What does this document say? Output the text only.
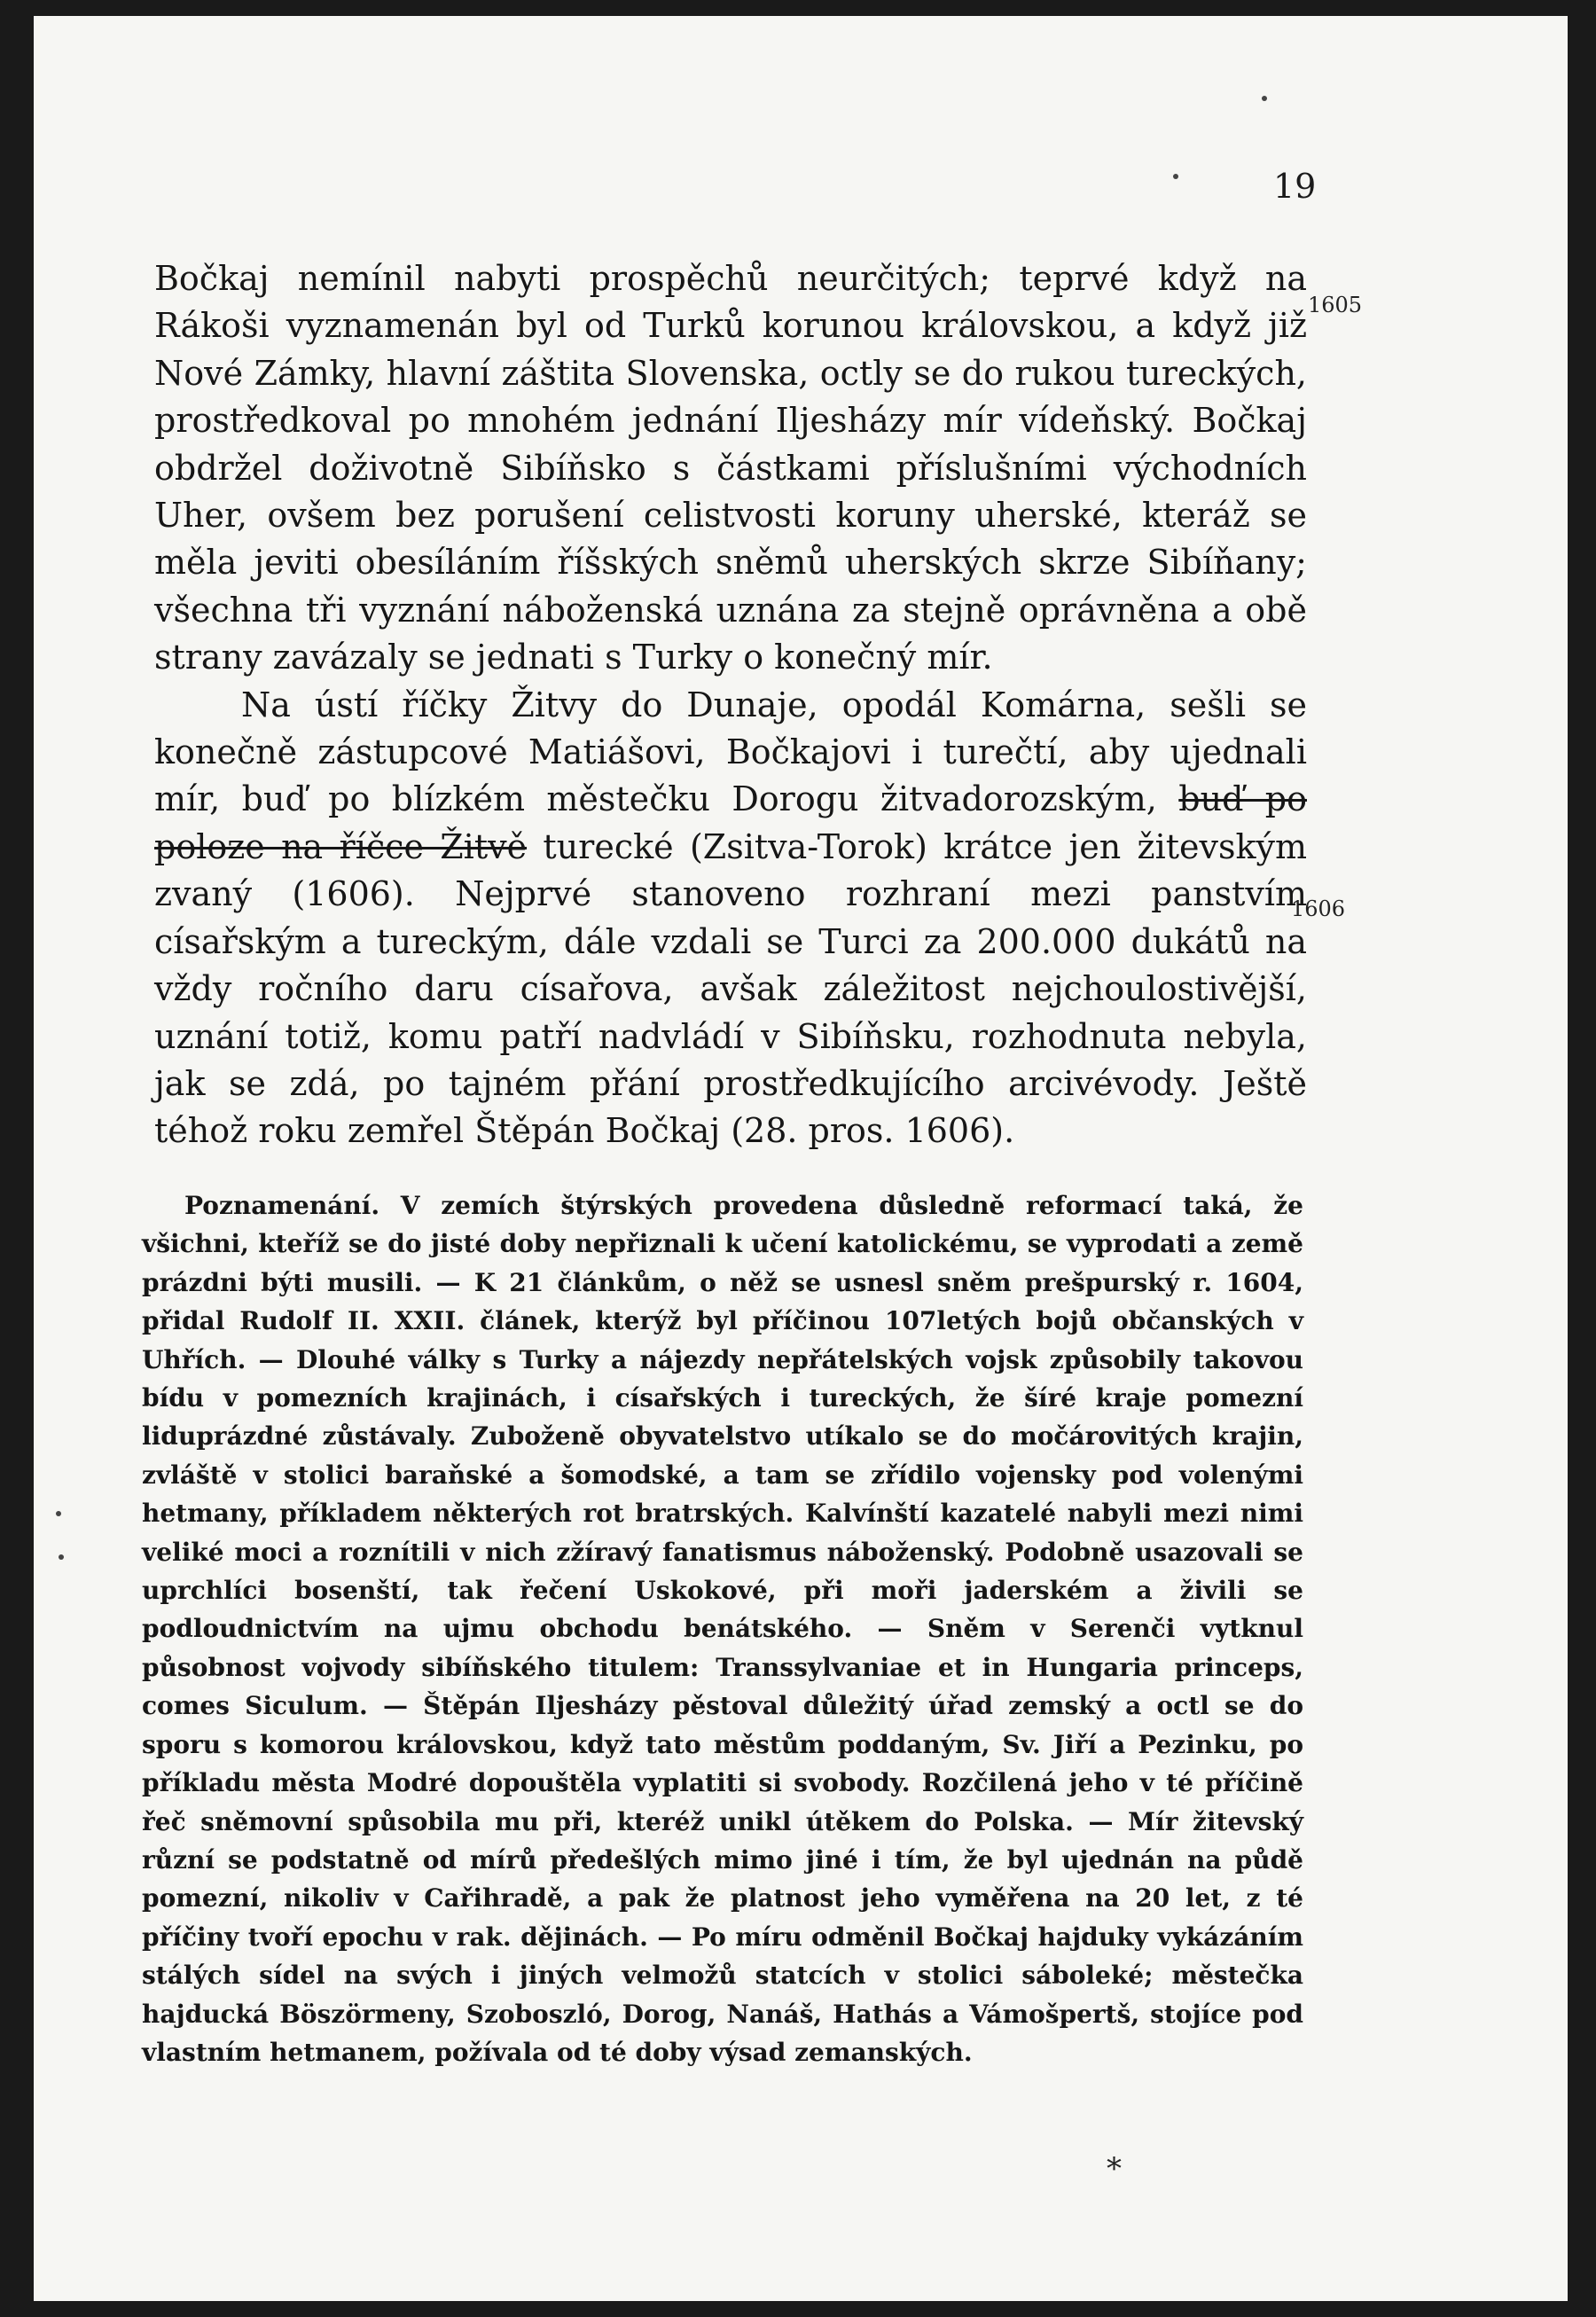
19
1605
1606

Bočkaj nemínil nabyti prospěchů neurčitých; teprvé když na Rákoši vyznamenán byl od Turků korunou královskou, a když již Nové Zámky, hlavní záštita Slovenska, octly se do rukou tureckých, prostředkoval po mnohém jednání Iljesházy mír vídeňský. Bočkaj obdržel doživotně Sibíňsko s částkami příslušními východních Uher, ovšem bez porušení celistvosti koruny uherské, kteráž se měla jeviti obesíláním říšských sněmů uherských skrze Sibíňany; všechna tři vyznání náboženská uznána za stejně oprávněna a obě strany zavázaly se jednati s Turky o konečný mír.

Na ústí říčky Žitvy do Dunaje, opodál Komárna, sešli se konečně zástupcové Matiášovi, Bočkajovi i turečtí, aby ujednali mír, buď po blízkém městečku Dorogu žitvadorozským, buď po poloze na říčce Žitvě turecké (Zsitva-Torok) krátce jen žitevským zvaný (1606). Nejprvé stanoveno rozhraní mezi panstvím císařským a tureckým, dále vzdali se Turci za 200.000 dukátů na vždy ročního daru císařova, avšak záležitost nejchoulostivější, uznání totiž, komu patří nadvládí v Sibíňsku, rozhodnuta nebyla, jak se zdá, po tajném přání prostředkujícího arcivévody. Ještě téhož roku zemřel Štěpán Bočkaj (28. pros. 1606).

Poznamenání. V zemích štýrských provedena důsledně reformací taká, že všichni, kteříž se do jisté doby nepřiznali k učení katolickému, se vyprodati a země prázdni býti musili. — K 21 článkům, o něž se usnesl sněm prešpurský r. 1604, přidal Rudolf II. XXII. článek, kterýž byl příčinou 107letých bojů občanských v Uhřích. — Dlouhé války s Turky a nájezdy nepřátelských vojsk způsobily takovou bídu v pomezních krajinách, i císařských i tureckých, že šíré kraje pomezní liduprázdné zůstávaly. Zuboženě obyvatelstvo utíkalo se do močárovitých krajin, zvláště v stolici baraňské a šomodské, a tam se zřídilo vojensky pod volenými hetmany, příkladem některých rot bratrských. Kalvínští kazatelé nabyli mezi nimi veliké moci a roznítili v nich zžíravý fanatismus náboženský. Podobně usazovali se uprchlíci bosenští, tak řečení Uskokové, při moři jaderském a živili se podloudnictvím na ujmu obchodu benátského. — Sněm v Serenči vytknul působnost vojvody sibíňského titulem: Transsylvaniae et in Hungaria princeps, comes Siculum. — Štěpán Iljesházy pěstoval důležitý úřad zemský a octl se do sporu s komorou královskou, když tato městům poddaným, Sv. Jiří a Pezinku, po příkladu města Modré dopouštěla vyplatiti si svobody. Rozčilená jeho v té příčině řeč sněmovní spůsobila mu při, kteréž unikl útěkem do Polska. — Mír žitevský různí se podstatně od mírů předešlých mimo jiné i tím, že byl ujednán na půdě pomezní, nikoliv v Cařihradě, a pak že platnost jeho vyměřena na 20 let, z té příčiny tvoří epochu v rak. dějinách. — Po míru odměnil Bočkaj hajduky vykázáním stálých sídel na svých i jiných velmožů statcích v stolici sáboleké; městečka hajducká Böszörmeny, Szoboszló, Dorog, Nanáš, Hathás a Vámošpertš, stojíce pod vlastním hetmanem, požívala od té doby výsad zemanských.

*
